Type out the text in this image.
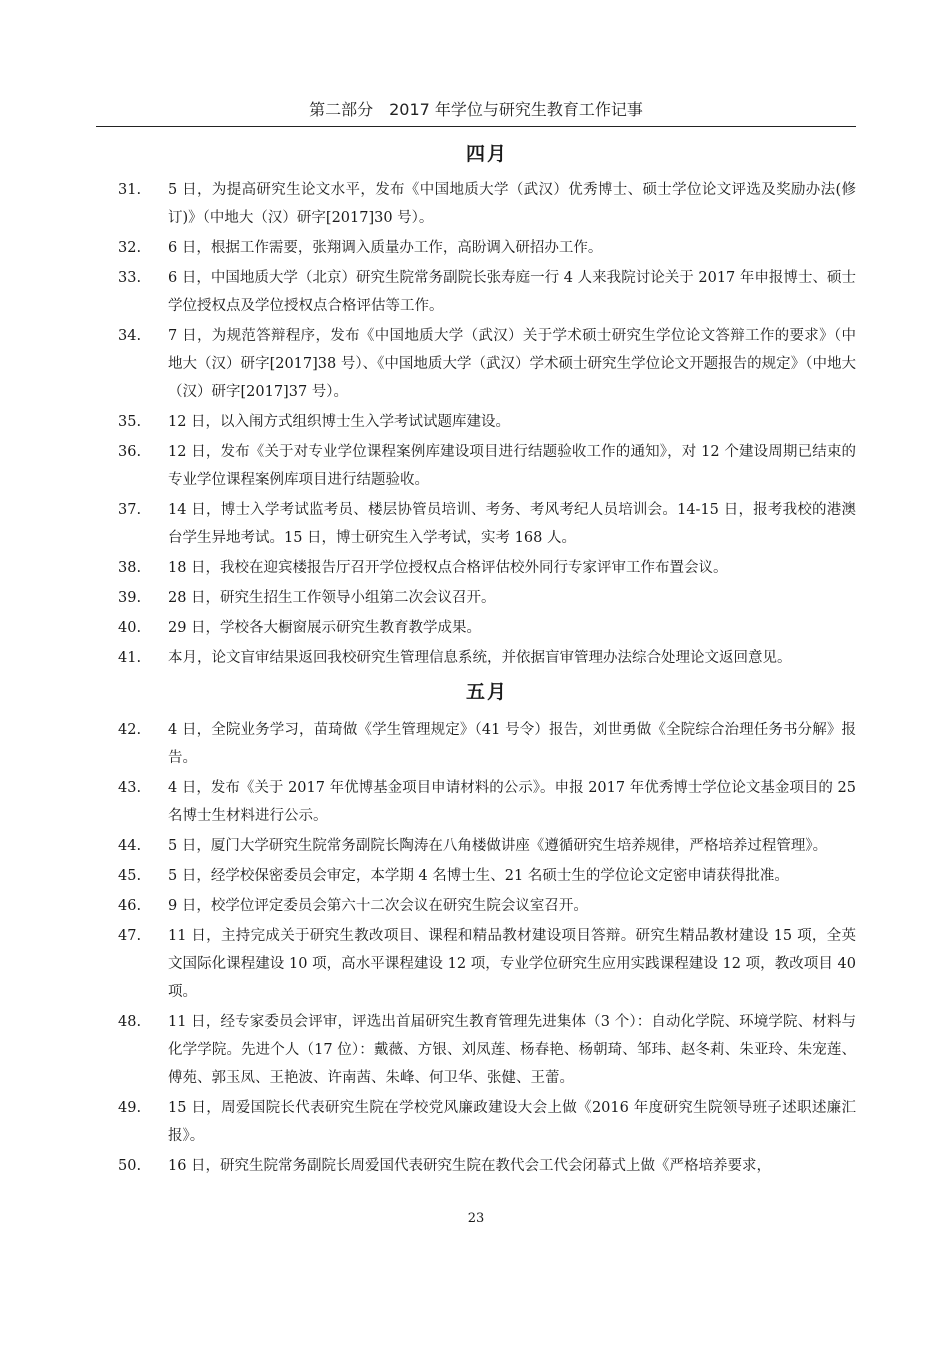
第二部分　2017 年学位与研究生教育工作记事
四月
31.	5 日，为提高研究生论文水平，发布《中国地质大学（武汉）优秀博士、硕士学位论文评选及奖励办法(修订)》（中地大（汉）研字[2017]30 号）。
32.	6 日，根据工作需要，张翔调入质量办工作，高盼调入研招办工作。
33.	6 日，中国地质大学（北京）研究生院常务副院长张寿庭一行 4 人来我院讨论关于 2017 年申报博士、硕士学位授权点及学位授权点合格评估等工作。
34.	7 日，为规范答辩程序，发布《中国地质大学（武汉）关于学术硕士研究生学位论文答辩工作的要求》（中地大（汉）研字[2017]38 号）、《中国地质大学（武汉）学术硕士研究生学位论文开题报告的规定》（中地大（汉）研字[2017]37 号）。
35.	12 日，以入闱方式组织博士生入学考试试题库建设。
36.	12 日，发布《关于对专业学位课程案例库建设项目进行结题验收工作的通知》，对 12 个建设周期已结束的专业学位课程案例库项目进行结题验收。
37.	14 日，博士入学考试监考员、楼层协管员培训、考务、考风考纪人员培训会。14-15 日，报考我校的港澳台学生异地考试。15 日，博士研究生入学考试，实考 168 人。
38.	18 日，我校在迎宾楼报告厅召开学位授权点合格评估校外同行专家评审工作布置会议。
39.	28 日，研究生招生工作领导小组第二次会议召开。
40.	29 日，学校各大橱窗展示研究生教育教学成果。
41.	本月，论文盲审结果返回我校研究生管理信息系统，并依据盲审管理办法综合处理论文返回意见。
五月
42.	4 日，全院业务学习，苗琦做《学生管理规定》（41 号令）报告，刘世勇做《全院综合治理任务书分解》报告。
43.	4 日，发布《关于 2017 年优博基金项目申请材料的公示》。申报 2017 年优秀博士学位论文基金项目的 25 名博士生材料进行公示。
44.	5 日，厦门大学研究生院常务副院长陶涛在八角楼做讲座《遵循研究生培养规律，严格培养过程管理》。
45.	5 日，经学校保密委员会审定，本学期 4 名博士生、21 名硕士生的学位论文定密申请获得批准。
46.	9 日，校学位评定委员会第六十二次会议在研究生院会议室召开。
47.	11 日，主持完成关于研究生教改项目、课程和精品教材建设项目答辩。研究生精品教材建设 15 项，全英文国际化课程建设 10 项，高水平课程建设 12 项，专业学位研究生应用实践课程建设 12 项，教改项目 40 项。
48.	11 日，经专家委员会评审，评选出首届研究生教育管理先进集体（3 个）：自动化学院、环境学院、材料与化学学院。先进个人（17 位）：戴薇、方银、刘凤莲、杨春艳、杨朝琦、邹玮、赵冬莉、朱亚玲、朱宠莲、傅苑、郭玉凤、王艳波、许南茜、朱峰、何卫华、张健、王蕾。
49.	15 日，周爱国院长代表研究生院在学校党风廉政建设大会上做《2016 年度研究生院领导班子述职述廉汇报》。
50.	16 日，研究生院常务副院长周爱国代表研究生院在教代会工代会闭幕式上做《严格培养要求，
23
